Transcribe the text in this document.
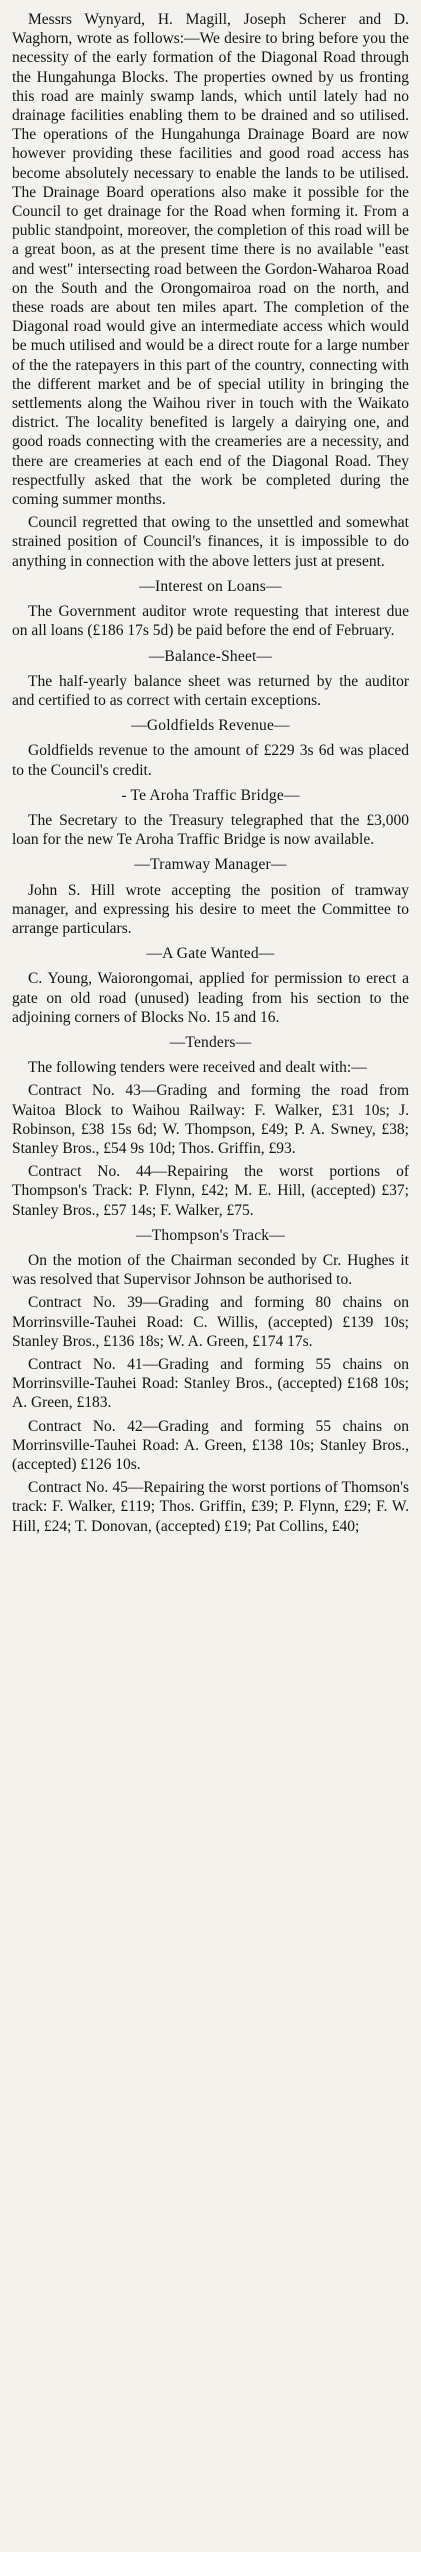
Messrs Wynyard, H. Magill, Joseph Scherer and D. Waghorn, wrote as follows:—We desire to bring before you the necessity of the early formation of the Diagonal Road through the Hungahunga Blocks. The properties owned by us fronting this road are mainly swamp lands, which until lately had no drainage facilities enabling them to be drained and so utilised. The operations of the Hungahunga Drainage Board are now however providing these facilities and good road access has become absolutely necessary to enable the lands to be utilised. The Drainage Board operations also make it possible for the Council to get drainage for the Road when forming it. From a public standpoint, moreover, the completion of this road will be a great boon, as at the present time there is no available "east and west" intersecting road between the Gordon-Waharoa Road on the South and the Orongomairoa road on the north, and these roads are about ten miles apart. The completion of the Diagonal road would give an intermediate access which would be much utilised and would be a direct route for a large number of the the ratepayers in this part of the country, connecting with the different market and be of special utility in bringing the settlements along the Waihou river in touch with the Waikato district. The locality benefited is largely a dairying one, and good roads connecting with the creameries are a necessity, and there are creameries at each end of the Diagonal Road. They respectfully asked that the work be completed during the coming summer months.

Council regretted that owing to the unsettled and somewhat strained position of Council's finances, it is impossible to do anything in connection with the above letters just at present.

—Interest on Loans—

The Government auditor wrote requesting that interest due on all loans (£186 17s 5d) be paid before the end of February.

—Balance-Sheet—

The half-yearly balance sheet was returned by the auditor and certified to as correct with certain exceptions.

—Goldfields Revenue—

Goldfields revenue to the amount of £229 3s 6d was placed to the Council's credit.

- Te Aroha Traffic Bridge—

The Secretary to the Treasury telegraphed that the £3,000 loan for the new Te Aroha Traffic Bridge is now available.

—Tramway Manager—

John S. Hill wrote accepting the position of tramway manager, and expressing his desire to meet the Committee to arrange particulars.

—A Gate Wanted—

C. Young, Waiorongomai, applied for permission to erect a gate on old road (unused) leading from his section to the adjoining corners of Blocks No. 15 and 16.

—Tenders—

The following tenders were received and dealt with:—

Contract No. 43—Grading and forming the road from Waitoa Block to Waihou Railway: F. Walker, £31 10s; J. Robinson, £38 15s 6d; W. Thompson, £49; P. A. Swney, £38; Stanley Bros., £54 9s 10d; Thos. Griffin, £93.

Contract No. 44—Repairing the worst portions of Thompson's Track: P. Flynn, £42; M. E. Hill, (accepted) £37; Stanley Bros., £57 14s; F. Walker, £75.

—Thompson's Track—

On the motion of the Chairman seconded by Cr. Hughes it was resolved that Supervisor Johnson be authorised to.

Contract No. 39—Grading and forming 80 chains on Morrinsville-Tauhei Road: C. Willis, (accepted) £139 10s; Stanley Bros., £136 18s; W. A. Green, £174 17s.

Contract No. 41—Grading and forming 55 chains on Morrinsville-Tauhei Road: Stanley Bros., (accepted) £168 10s; A. Green, £183.

Contract No. 42—Grading and forming 55 chains on Morrinsville-Tauhei Road: A. Green, £138 10s; Stanley Bros., (accepted) £126 10s.

Contract No. 45—Repairing the worst portions of Thomson's track: F. Walker, £119; Thos. Griffin, £39; P. Flynn, £29; F. W. Hill, £24; T. Donovan, (accepted) £19; Pat Collins, £40;
